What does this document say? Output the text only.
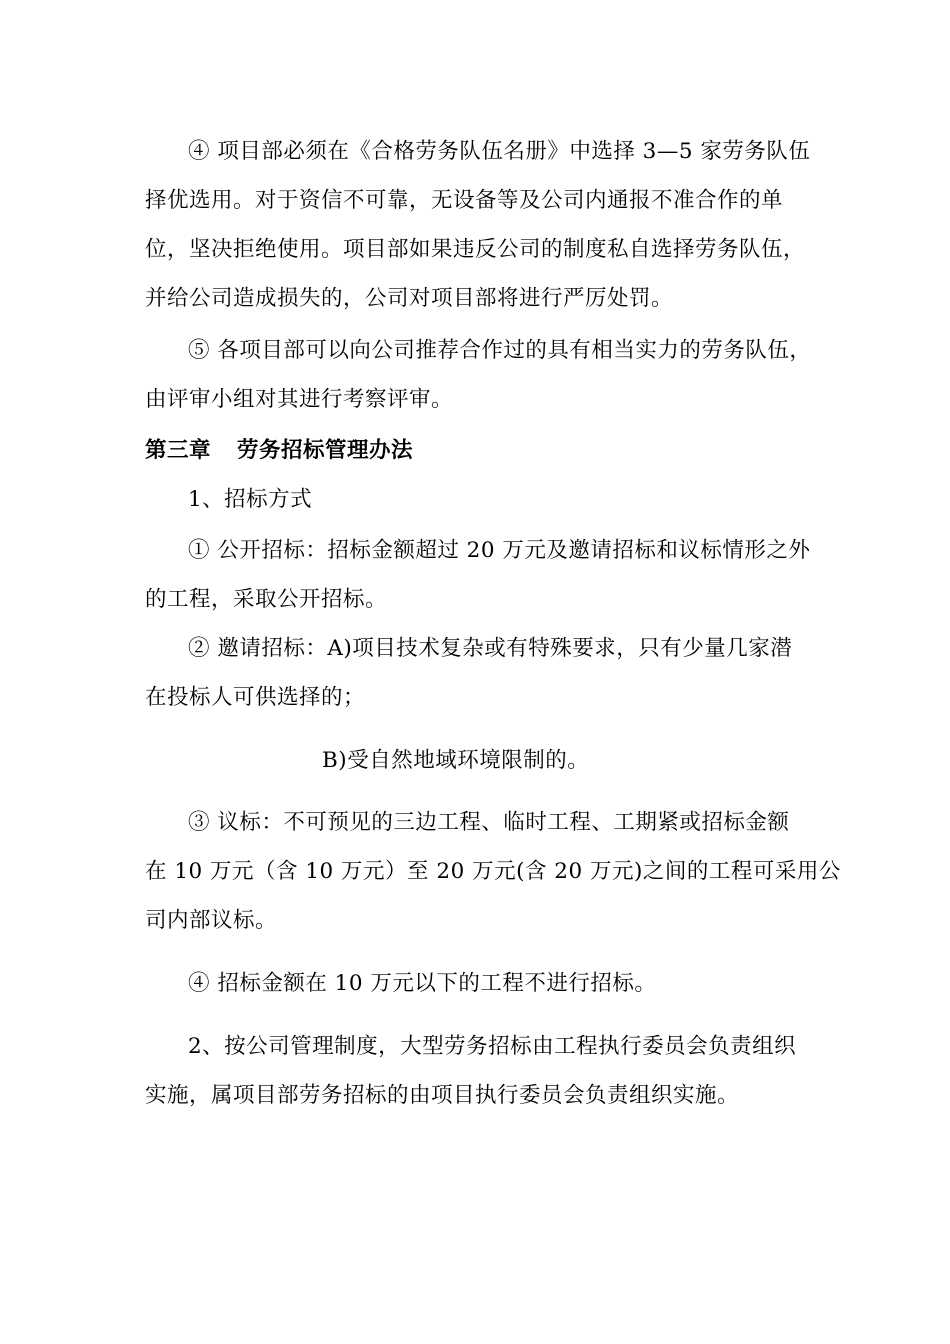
④ 项目部必须在《合格劳务队伍名册》中选择 3—5 家劳务队伍
择优选用。对于资信不可靠，无设备等及公司内通报不准合作的单
位，坚决拒绝使用。项目部如果违反公司的制度私自选择劳务队伍，
并给公司造成损失的，公司对项目部将进行严厉处罚。
⑤ 各项目部可以向公司推荐合作过的具有相当实力的劳务队伍，
由评审小组对其进行考察评审。
第三章 劳务招标管理办法
1、招标方式
① 公开招标：招标金额超过 20 万元及邀请招标和议标情形之外
的工程，采取公开招标。
② 邀请招标：A)项目技术复杂或有特殊要求，只有少量几家潜
在投标人可供选择的；
B)受自然地域环境限制的。
③ 议标：不可预见的三边工程、临时工程、工期紧或招标金额
在 10 万元（含 10 万元）至 20 万元(含 20 万元)之间的工程可采用公
司内部议标。
④ 招标金额在 10 万元以下的工程不进行招标。
2、按公司管理制度，大型劳务招标由工程执行委员会负责组织
实施，属项目部劳务招标的由项目执行委员会负责组织实施。
